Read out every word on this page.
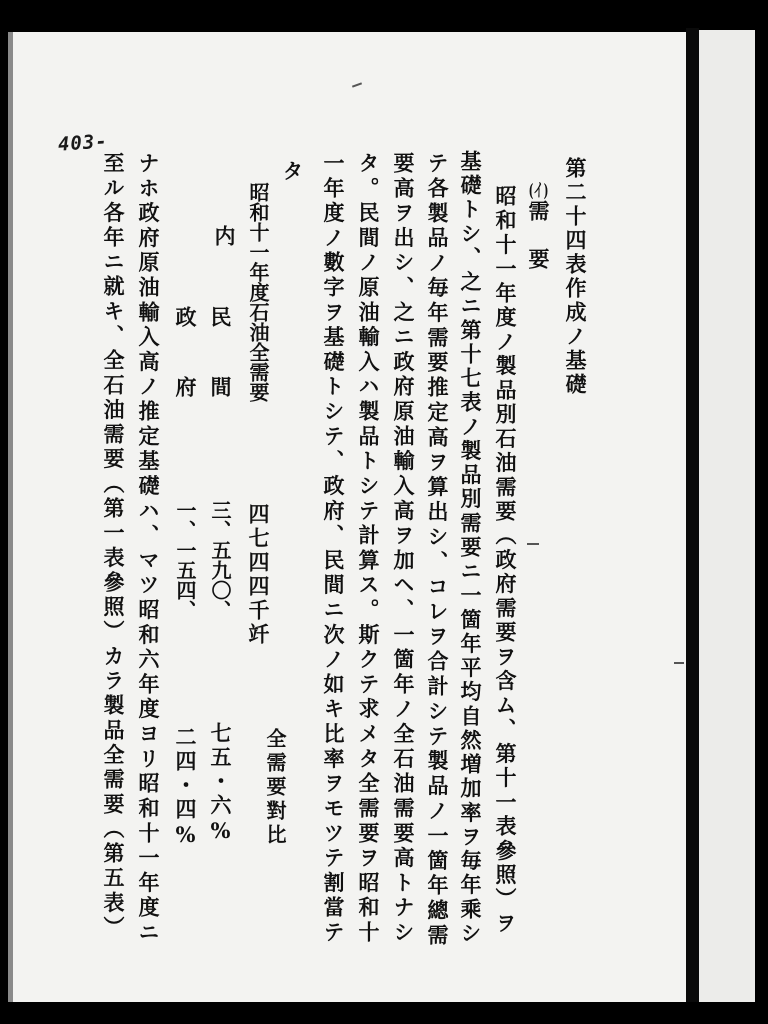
403-
第二十四表作成ノ基礎
(イ)需　要
昭和十一年度ノ製品別石油需要（政府需要ヲ含ム、第十一表參照）ヲ
基礎トシ、之ニ第十七表ノ製品別需要ニ一箇年平均自然増加率ヲ毎年乘シ
テ各製品ノ毎年需要推定高ヲ算出シ、コレヲ合計シテ製品ノ一箇年總需
要高ヲ出シ、之ニ政府原油輸入高ヲ加ヘ、一箇年ノ全石油需要高トナシ
タ。民間ノ原油輸入ハ製品トシテ計算ス。斯クテ求メタ全需要ヲ昭和十
一年度ノ數字ヲ基礎トシテ、政府、民間ニ次ノ如キ比率ヲモツテ割當テ
タ
昭和十一年度石油全需要
四七四四千竏
全需要對比
内
民　間
三、五九〇、
七五・六%
政　府
一、一五四、
二四・四%
ナホ政府原油輸入高ノ推定基礎ハ、マツ昭和六年度ヨリ昭和十一年度ニ
至ル各年ニ就キ、全石油需要（第一表參照）カラ製品全需要（第五表）
